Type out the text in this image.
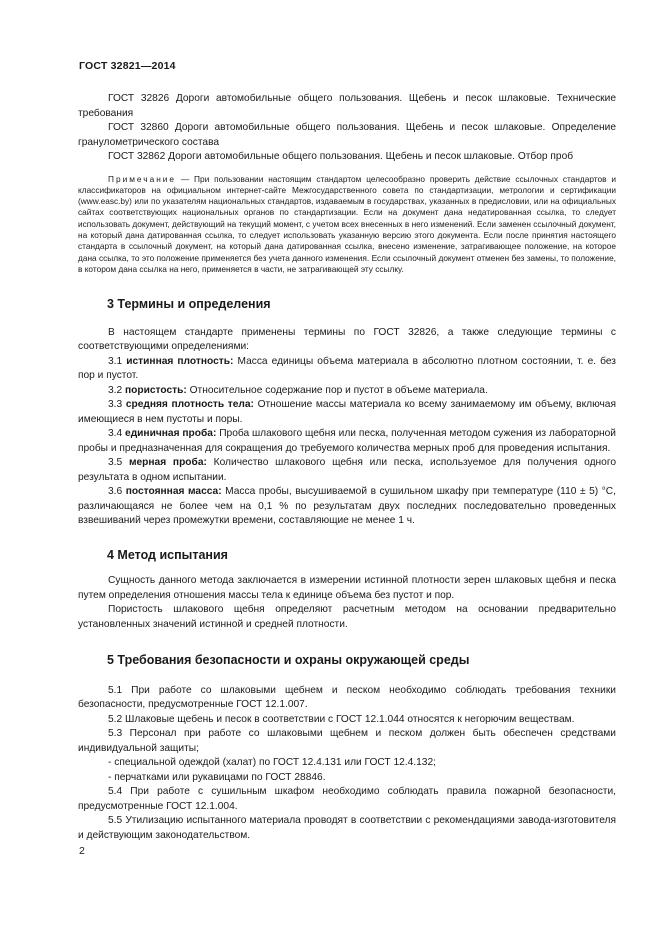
ГОСТ 32821—2014

ГОСТ 32826 Дороги автомобильные общего пользования. Щебень и песок шлаковые. Технические требования

ГОСТ 32860 Дороги автомобильные общего пользования. Щебень и песок шлаковые. Определение гранулометрического состава

ГОСТ 32862 Дороги автомобильные общего пользования. Щебень и песок шлаковые. Отбор проб

Примечание — При пользовании настоящим стандартом целесообразно проверить действие ссылочных стандартов и классификаторов на официальном интернет-сайте Межгосударственного совета по стандартизации, метрологии и сертификации (www.easc.by) или по указателям национальных стандартов, издаваемым в государствах, указанных в предисловии, или на официальных сайтах соответствующих национальных органов по стандартизации. Если на документ дана недатированная ссылка, то следует использовать документ, действующий на текущий момент, с учетом всех внесенных в него изменений. Если заменен ссылочный документ, на который дана датированная ссылка, то следует использовать указанную версию этого документа. Если после принятия настоящего стандарта в ссылочный документ, на который дана датированная ссылка, внесено изменение, затрагивающее положение, на которое дана ссылка, то это положение применяется без учета данного изменения. Если ссылочный документ отменен без замены, то положение, в котором дана ссылка на него, применяется в части, не затрагивающей эту ссылку.

3 Термины и определения

В настоящем стандарте применены термины по ГОСТ 32826, а также следующие термины с соответствующими определениями:

3.1 истинная плотность: Масса единицы объема материала в абсолютно плотном состоянии, т. е. без пор и пустот.

3.2 пористость: Относительное содержание пор и пустот в объеме материала.

3.3 средняя плотность тела: Отношение массы материала ко всему занимаемому им объему, включая имеющиеся в нем пустоты и поры.

3.4 единичная проба: Проба шлакового щебня или песка, полученная методом сужения из лабораторной пробы и предназначенная для сокращения до требуемого количества мерных проб для проведения испытания.

3.5 мерная проба: Количество шлакового щебня или песка, используемое для получения одного результата в одном испытании.

3.6 постоянная масса: Масса пробы, высушиваемой в сушильном шкафу при температуре (110 ± 5) °С, различающаяся не более чем на 0,1 % по результатам двух последних последовательно проведенных взвешиваний через промежутки времени, составляющие не менее 1 ч.

4 Метод испытания

Сущность данного метода заключается в измерении истинной плотности зерен шлаковых щебня и песка путем определения отношения массы тела к единице объема без пустот и пор.

Пористость шлакового щебня определяют расчетным методом на основании предварительно установленных значений истинной и средней плотности.

5 Требования безопасности и охраны окружающей среды

5.1 При работе со шлаковыми щебнем и песком необходимо соблюдать требования техники безопасности, предусмотренные ГОСТ 12.1.007.

5.2 Шлаковые щебень и песок в соответствии с ГОСТ 12.1.044 относятся к негорючим веществам.

5.3 Персонал при работе со шлаковыми щебнем и песком должен быть обеспечен средствами индивидуальной защиты;

- специальной одеждой (халат) по ГОСТ 12.4.131 или ГОСТ 12.4.132;

- перчатками или рукавицами по ГОСТ 28846.

5.4 При работе с сушильным шкафом необходимо соблюдать правила пожарной безопасности, предусмотренные ГОСТ 12.1.004.

5.5 Утилизацию испытанного материала проводят в соответствии с рекомендациями завода-изготовителя и действующим законодательством.

2
